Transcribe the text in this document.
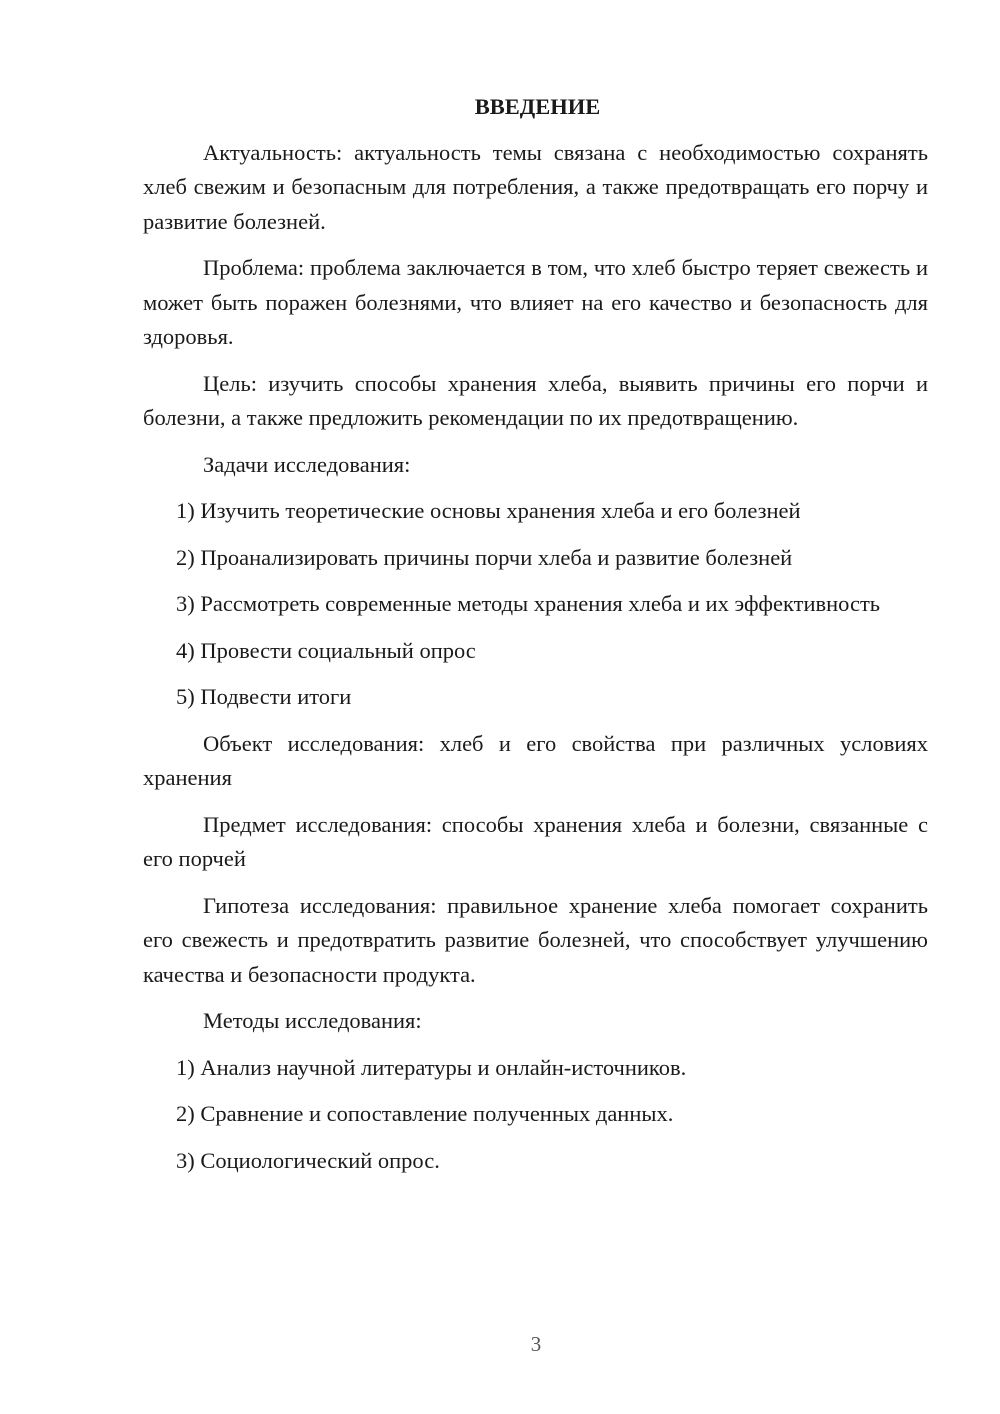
ВВЕДЕНИЕ

Актуальность: актуальность темы связана с необходимостью сохранять хлеб свежим и безопасным для потребления, а также предотвращать его порчу и развитие болезней.

Проблема: проблема заключается в том, что хлеб быстро теряет свежесть и может быть поражен болезнями, что влияет на его качество и безопасность для здоровья.

Цель: изучить способы хранения хлеба, выявить причины его порчи и болезни, а также предложить рекомендации по их предотвращению.

Задачи исследования:

1) Изучить теоретические основы хранения хлеба и его болезней

2) Проанализировать причины порчи хлеба и развитие болезней

3) Рассмотреть современные методы хранения хлеба и их эффективность

4) Провести социальный опрос

5) Подвести итоги

Объект исследования: хлеб и его свойства при различных условиях хранения

Предмет исследования: способы хранения хлеба и болезни, связанные с его порчей

Гипотеза исследования: правильное хранение хлеба помогает сохранить его свежесть и предотвратить развитие болезней, что способствует улучшению качества и безопасности продукта.

Методы исследования:

1) Анализ научной литературы и онлайн-источников.

2) Сравнение и сопоставление полученных данных.

3) Социологический опрос.

3
